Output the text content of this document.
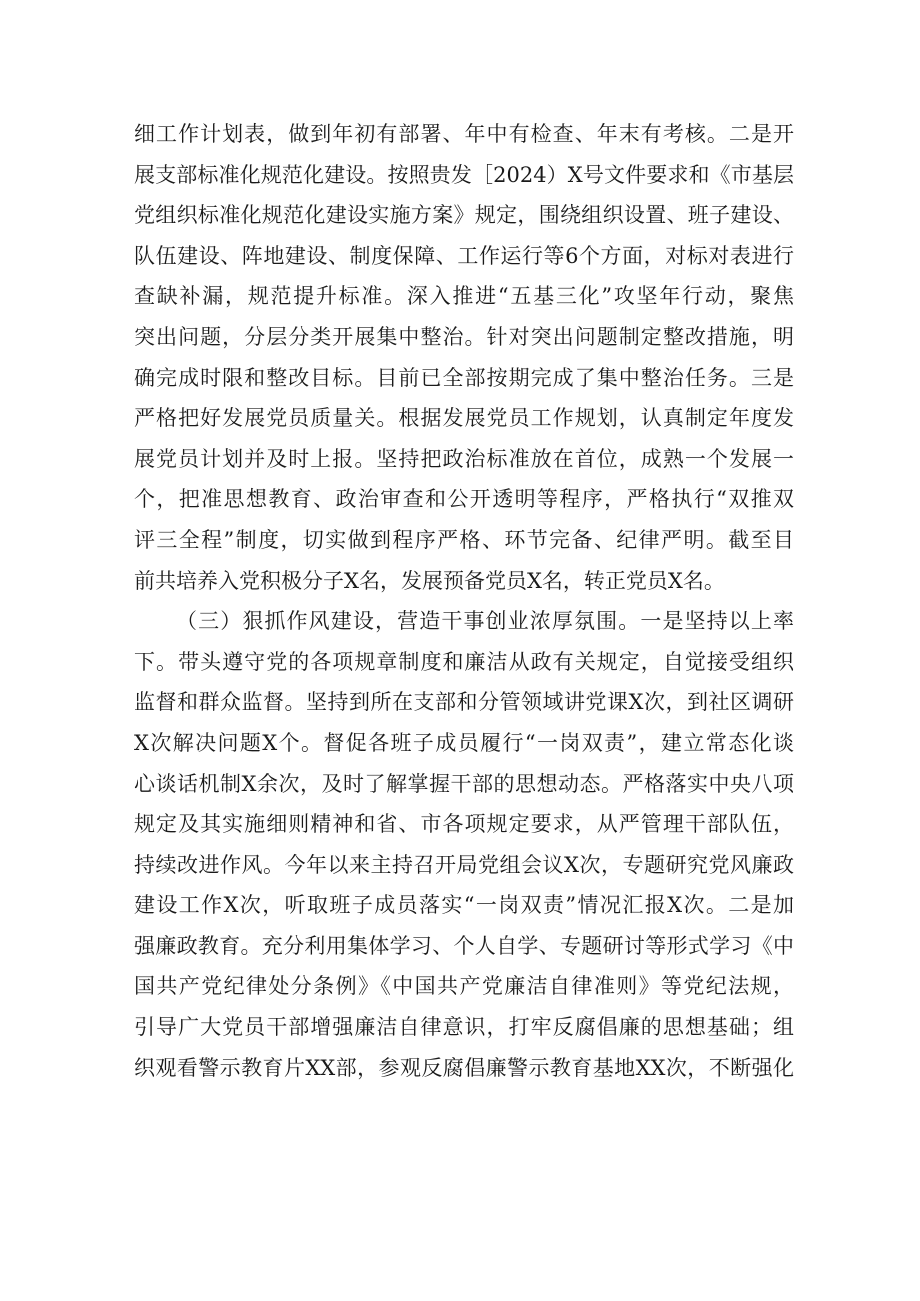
细工作计划表，做到年初有部署、年中有检查、年末有考核。二是开
展支部标准化规范化建设。按照贵发［2024）X号文件要求和《市基层
党组织标准化规范化建设实施方案》规定，围绕组织设置、班子建设、
队伍建设、阵地建设、制度保障、工作运行等6个方面，对标对表进行
查缺补漏，规范提升标准。深入推进“五基三化”攻坚年行动，聚焦
突出问题，分层分类开展集中整治。针对突出问题制定整改措施，明
确完成时限和整改目标。目前已全部按期完成了集中整治任务。三是
严格把好发展党员质量关。根据发展党员工作规划，认真制定年度发
展党员计划并及时上报。坚持把政治标准放在首位，成熟一个发展一
个，把准思想教育、政治审查和公开透明等程序，严格执行“双推双
评三全程”制度，切实做到程序严格、环节完备、纪律严明。截至目
前共培养入党积极分子X名，发展预备党员X名，转正党员X名。

（三）狠抓作风建设，营造干事创业浓厚氛围。一是坚持以上率
下。带头遵守党的各项规章制度和廉洁从政有关规定，自觉接受组织
监督和群众监督。坚持到所在支部和分管领域讲党课X次，到社区调研
X次解决问题X个。督促各班子成员履行“一岗双责”，建立常态化谈
心谈话机制X余次，及时了解掌握干部的思想动态。严格落实中央八项
规定及其实施细则精神和省、市各项规定要求，从严管理干部队伍，
持续改进作风。今年以来主持召开局党组会议X次，专题研究党风廉政
建设工作X次，听取班子成员落实“一岗双责”情况汇报X次。二是加
强廉政教育。充分利用集体学习、个人自学、专题研讨等形式学习《中
国共产党纪律处分条例》《中国共产党廉洁自律准则》等党纪法规，
引导广大党员干部增强廉洁自律意识，打牢反腐倡廉的思想基础；组
织观看警示教育片XX部，参观反腐倡廉警示教育基地XX次，不断强化
